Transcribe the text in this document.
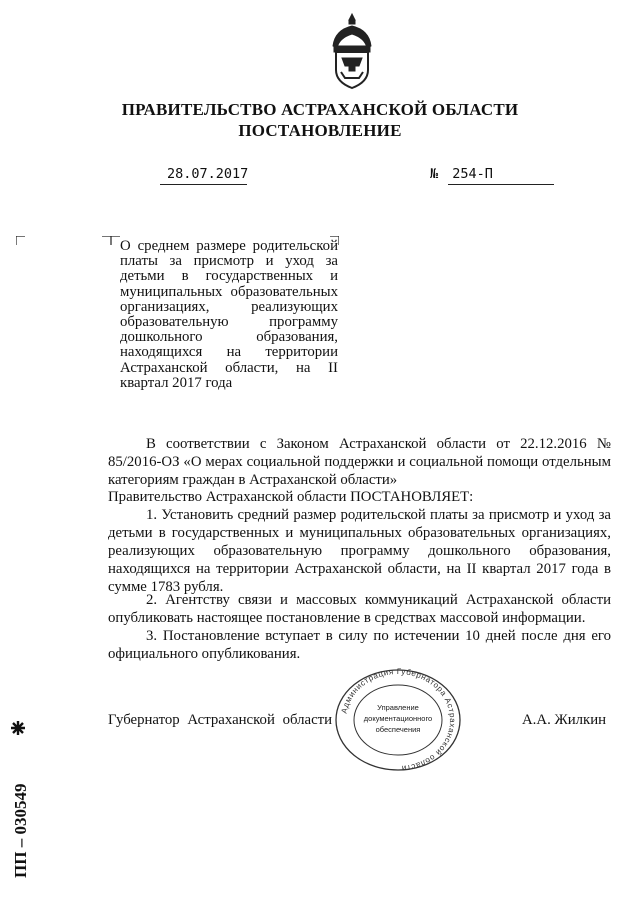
ПРАВИТЕЛЬСТВО АСТРАХАНСКОЙ ОБЛАСТИ
ПОСТАНОВЛЕНИЕ
28.07.2017	№ 254-П
О среднем размере родительской платы за присмотр и уход за детьми в государственных и муниципальных образовательных организациях, реализующих образовательную программу дошкольного образования, находящихся на территории Астраханской области, на II квартал 2017 года
В соответствии с Законом Астраханской области от 22.12.2016 № 85/2016-ОЗ «О мерах социальной поддержки и социальной помощи отдельным категориям граждан в Астраханской области»
Правительство Астраханской области ПОСТАНОВЛЯЕТ:
1. Установить средний размер родительской платы за присмотр и уход за детьми в государственных и муниципальных образовательных организациях, реализующих образовательную программу дошкольного образования, находящихся на территории Астраханской области, на II квартал 2017 года в сумме 1783 рубля.
2. Агентству связи и массовых коммуникаций Астраханской области опубликовать настоящее постановление в средствах массовой информации.
3. Постановление вступает в силу по истечении 10 дней после дня его официального опубликования.
Губернатор Астраханской области	А.А. Жилкин
Администрация Губернатора Астраханской области
Управление
документационного
обеспечения
ПП – 030549
